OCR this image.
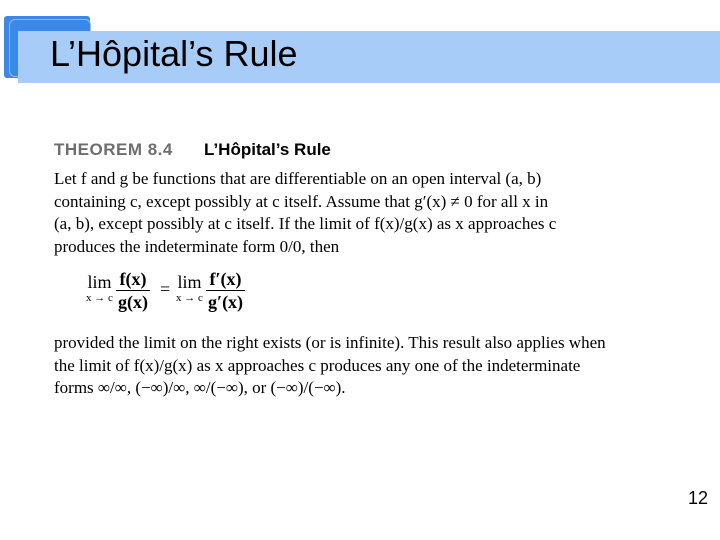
L’Hôpital’s Rule
THEOREM 8.4 L’Hôpital’s Rule

Let f and g be functions that are differentiable on an open interval (a, b)

containing c, except possibly at c itself. Assume that g′(x) ≠ 0 for all x in

(a, b), except possibly at c itself. If the limit of f(x)/g(x) as x approaches c

produces the indeterminate form 0/0, then

lim
x → c
f(x)
g(x)
= lim
x → c
f′(x)
g′(x)

provided the limit on the right exists (or is infinite). This result also applies when

the limit of f(x)/g(x) as x approaches c produces any one of the indeterminate

forms ∞/∞, (−∞)/∞, ∞/(−∞), or (−∞)/(−∞).

12
